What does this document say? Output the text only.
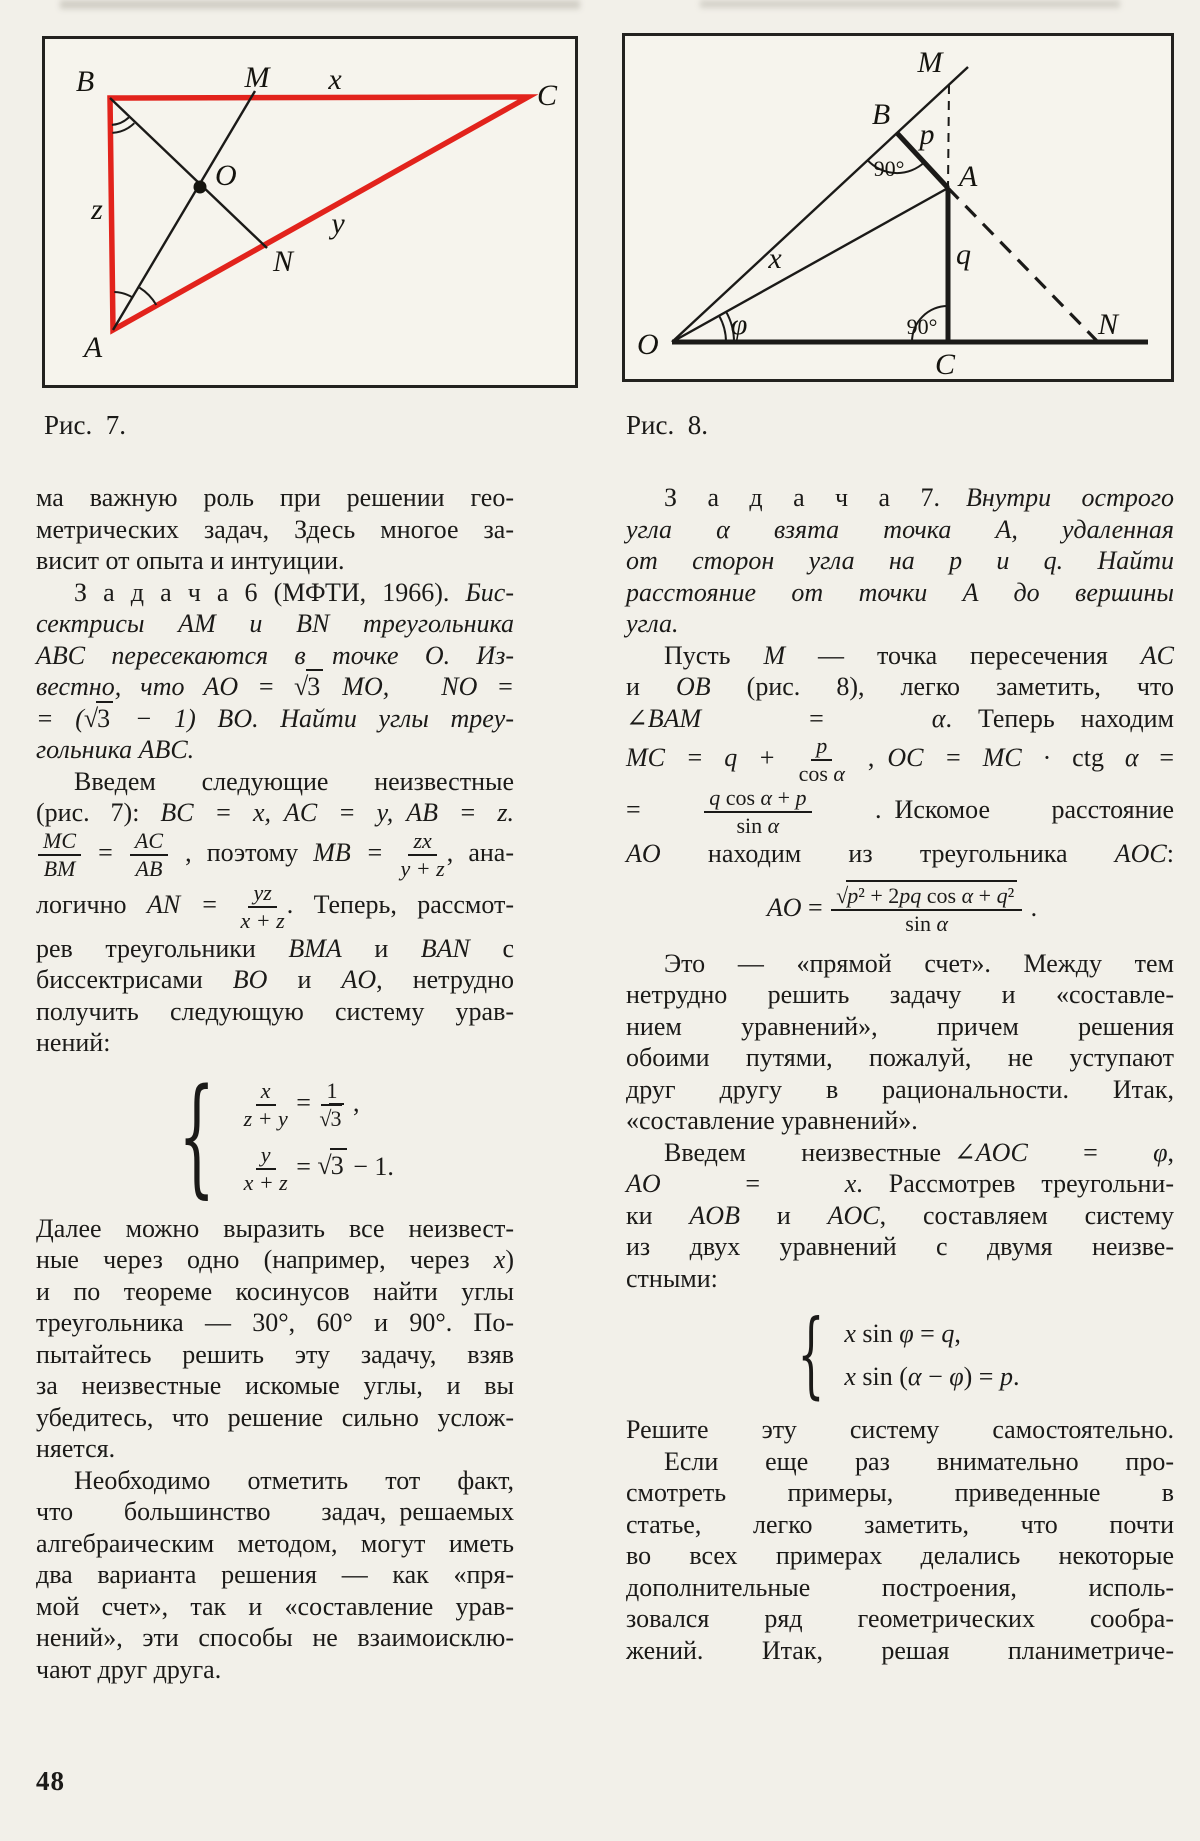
B	M x	C
z
O
y
N
A
M
B
p
A
x	q
O
C
N
φ
90°
90°
Рис.  7.	Рис.  8.
ма важную роль при решении гео-
метрических задач, Здесь многое за-
висит от опыта и интуиции.
З а д а ч а 6 (МФТИ, 1966). Бис-
сектрисы AM и BN треугольника
ABC пересекаются в точке O. Из-
вестно, что AO = √3 MO,   NO =
= (√3 − 1) BO. Найти углы треу-
гольника ABC.
Введем следующие неизвестные
(рис. 7): BC = x,  AC = y,  AB = z.
$\frac{MC}{BM} = \frac{AC}{AB}$ , поэтому MB = $\frac{zx}{y + z}$ , ана-
логично AN = $\frac{yz}{x + z}$ . Теперь, рассмот-
рев треугольники BMA и BAN с
биссектрисами BO и AO, нетрудно
получить следующую систему урав-
нений:
{ $\frac{x}{z + y} = \frac{1}{√3}$ ,
$\frac{y}{x + z} = √3 - 1$.
Далее можно выразить все неизвест-
ные через одно (например, через x)
и по теореме косинусов найти углы
треугольника — 30°, 60° и 90°. По-
пытайтесь решить эту задачу, взяв
за неизвестные искомые углы, и вы
убедитесь, что решение сильно услож-
няется.
Необходимо отметить тот факт,
что большинство задач, решаемых
алгебраическим методом, могут иметь
два варианта решения — как «пря-
мой счет», так и «составление урав-
нений», эти способы не взаимоисклю-
чают друг друга.
З а д а ч а 7. Внутри острого
угла α взята точка A, удаленная
от сторон угла на p и q. Найти
расстояние от точки A до вершины
угла.
Пусть M — точка пересечения AC
и OB (рис. 8), легко заметить, что
∠BAM = α. Теперь находим
MC = $q + \frac{p}{\text{cos α}}$ , OC = MC · ctg α =
= $\frac{\text{q cos α + p}}{\text{sin α}}$ . Искомое расстояние
AO находим из треугольника AOC:
AO = $\frac{\text{√p² + 2pq cos α + q²}}{\text{sin α}}$ .
Это — «прямой счет». Между тем
нетрудно решить задачу и «составле-
нием уравнений», причем решения
обоими путями, пожалуй, не уступают
друг другу в рациональности. Итак,
«составление уравнений».
Введем неизвестные ∠AOC = φ,
AO = x. Рассмотрев треугольни-
ки AOB и AOC, составляем систему
из двух уравнений с двумя неизве-
стными:
{ x sin φ = q,
x sin (α − φ) = p.
Решите эту систему самостоятельно.
Если еще раз внимательно про-
смотреть примеры, приведенные в
статье, легко заметить, что почти
во всех примерах делались некоторые
дополнительные построения, исполь-
зовался ряд геометрических сообра-
жений. Итак, решая планиметриче-
48
